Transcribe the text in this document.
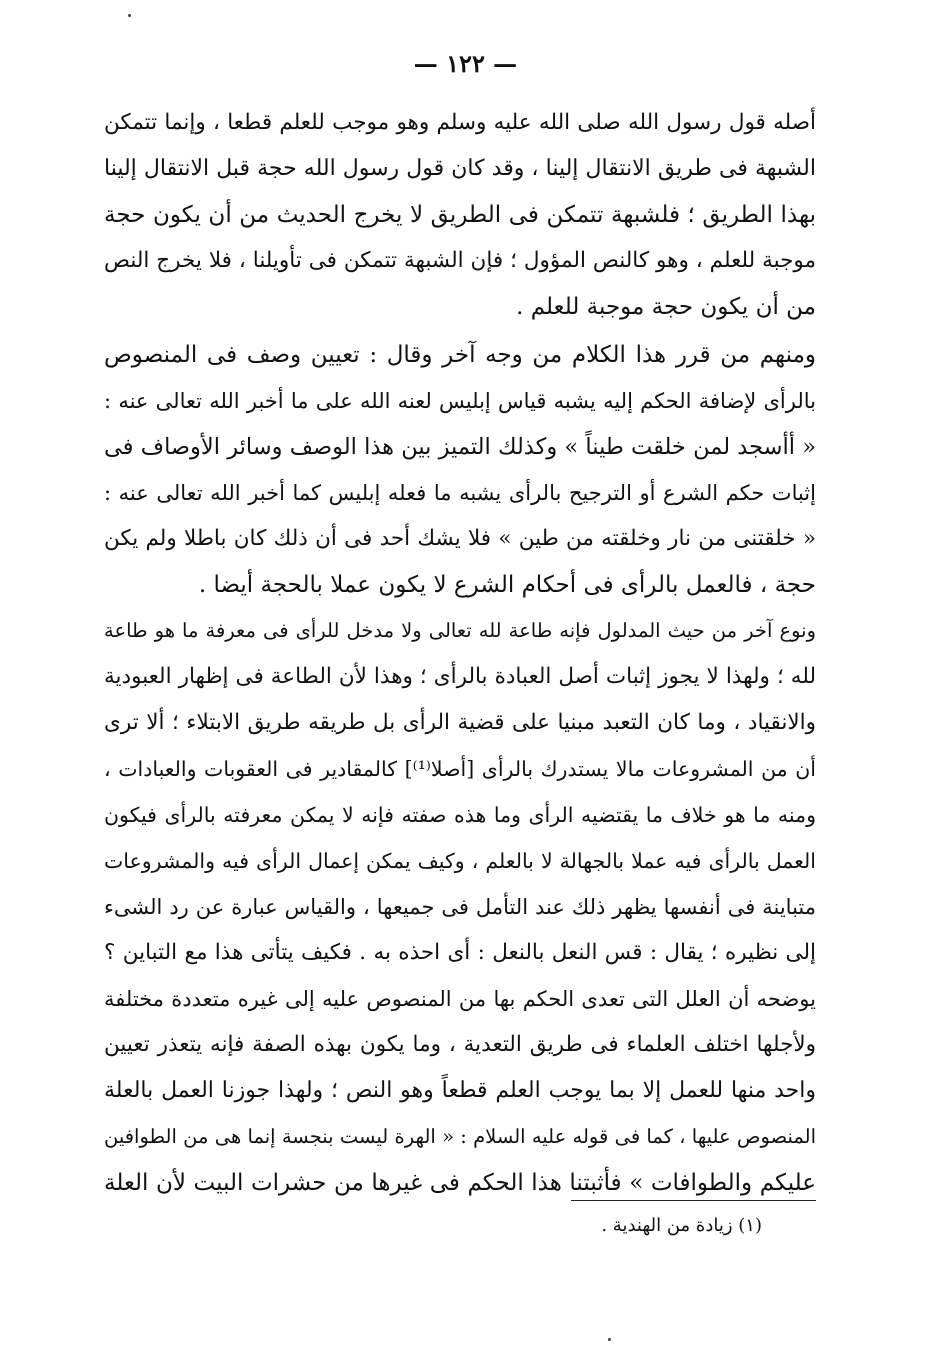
— ١٢٢ —
أصله قول رسول الله صلى الله عليه وسلم وهو موجب للعلم قطعا ، وإنما تتمكن
الشبهة فى طريق الانتقال إلينا ، وقد كان قول رسول الله حجة قبل الانتقال إلينا
بهذا الطريق ؛ فلشبهة تتمكن فى الطريق لا يخرج الحديث من أن يكون حجة
موجبة للعلم ، وهو كالنص المؤول ؛ فإن الشبهة تتمكن فى تأويلنا ، فلا يخرج النص
من أن يكون حجة موجبة للعلم .
ومنهم من قرر هذا الكلام من وجه آخر وقال : تعيين وصف فى المنصوص
بالرأى لإضافة الحكم إليه يشبه قياس إبليس لعنه الله على ما أخبر الله تعالى عنه :
« أأسجد لمن خلقت طيناً » وكذلك التميز بين هذا الوصف وسائر الأوصاف فى
إثبات حكم الشرع أو الترجيح بالرأى يشبه ما فعله إبليس كما أخبر الله تعالى عنه :
« خلقتنى من نار وخلقته من طين » فلا يشك أحد فى أن ذلك كان باطلا ولم يكن
حجة ، فالعمل بالرأى فى أحكام الشرع لا يكون عملا بالحجة أيضا .
ونوع آخر من حيث المدلول فإنه طاعة لله تعالى ولا مدخل للرأى فى معرفة ما هو طاعة
لله ؛ ولهذا لا يجوز إثبات أصل العبادة بالرأى ؛ وهذا لأن الطاعة فى إظهار العبودية
والانقياد ، وما كان التعبد مبنيا على قضية الرأى بل طريقه طريق الابتلاء ؛ ألا ترى
أن من المشروعات مالا يستدرك بالرأى [أصلا⁽¹⁾] كالمقادير فى العقوبات والعبادات ،
ومنه ما هو خلاف ما يقتضيه الرأى وما هذه صفته فإنه لا يمكن معرفته بالرأى فيكون
العمل بالرأى فيه عملا بالجهالة لا بالعلم ، وكيف يمكن إعمال الرأى فيه والمشروعات
متباينة فى أنفسها يظهر ذلك عند التأمل فى جميعها ، والقياس عبارة عن رد الشىء
إلى نظيره ؛ يقال : قس النعل بالنعل : أى احذه به . فكيف يتأتى هذا مع التباين ؟
يوضحه أن العلل التى تعدى الحكم بها من المنصوص عليه إلى غيره متعددة مختلفة
ولأجلها اختلف العلماء فى طريق التعدية ، وما يكون بهذه الصفة فإنه يتعذر تعيين
واحد منها للعمل إلا بما يوجب العلم قطعاً وهو النص ؛ ولهذا جوزنا العمل بالعلة
المنصوص عليها ، كما فى قوله عليه السلام : « الهرة ليست بنجسة إنما هى من الطوافين
عليكم والطوافات » فأثبتنا هذا الحكم فى غيرها من حشرات البيت لأن العلة
(١) زيادة من الهندية .
